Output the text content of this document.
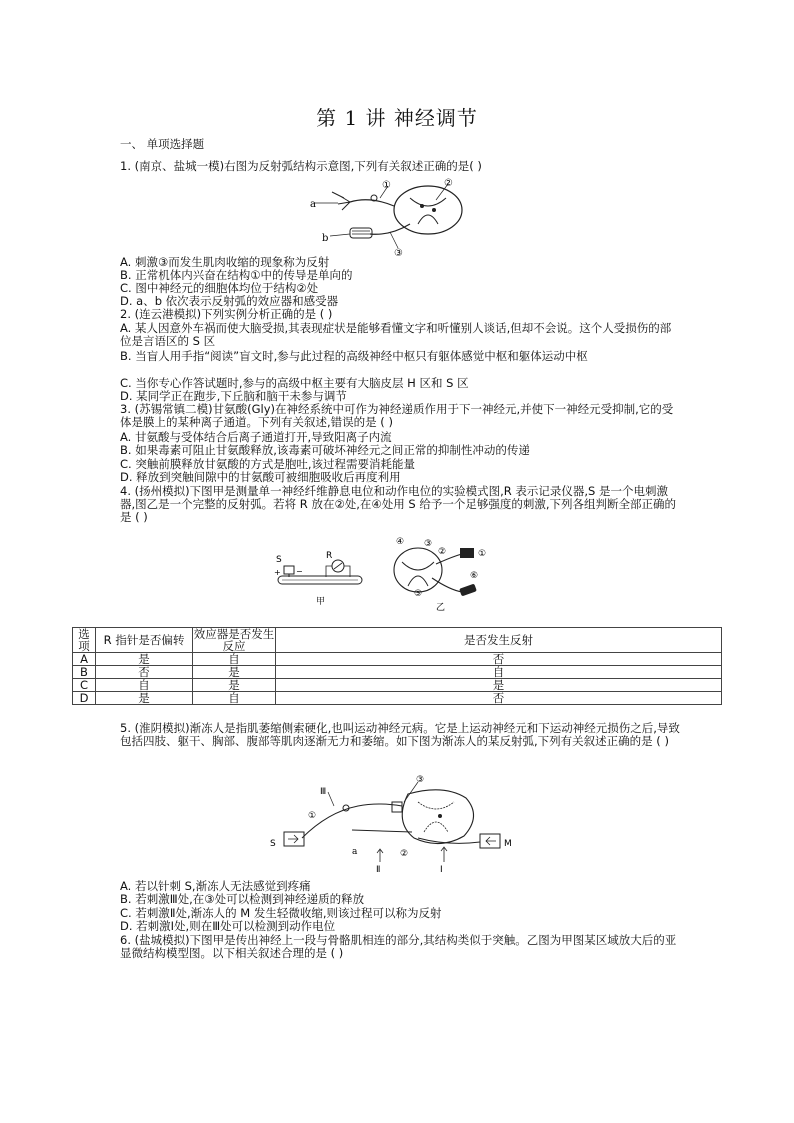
第 1 讲 神经调节
一、 单项选择题
1. (南京、盐城一模)右图为反射弧结构示意图,下列有关叙述正确的是( )
a
b
①	②
③
A. 刺激③而发生肌肉收缩的现象称为反射
B. 正常机体内兴奋在结构①中的传导是单向的
C. 图中神经元的细胞体均位于结构②处
D. a、b 依次表示反射弧的效应器和感受器
2. (连云港模拟)下列实例分析正确的是 ( )
A. 某人因意外车祸而使大脑受损,其表现症状是能够看懂文字和听懂别人谈话,但却不会说。这个人受损伤的部位是言语区的 S 区
B. 当盲人用手指“阅读”盲文时,参与此过程的高级神经中枢只有躯体感觉中枢和躯体运动中枢
C. 当你专心作答试题时,参与的高级中枢主要有大脑皮层 H 区和 S 区
D. 某同学正在跑步,下丘脑和脑干未参与调节
3. (苏锡常镇二模)甘氨酸(Gly)在神经系统中可作为神经递质作用于下一神经元,并使下一神经元受抑制,它的受体是膜上的某种离子通道。下列有关叙述,错误的是 ( )
A. 甘氨酸与受体结合后离子通道打开,导致阳离子内流
B. 如果毒素可阻止甘氨酸释放,该毒素可破坏神经元之间正常的抑制性冲动的传递
C. 突触前膜释放甘氨酸的方式是胞吐,该过程需要消耗能量
D. 释放到突触间隙中的甘氨酸可被细胞吸收后再度利用
4. (扬州模拟)下图甲是测量单一神经纤维静息电位和动作电位的实验模式图,R 表示记录仪器,S 是一个电刺激器,图乙是一个完整的反射弧。若将 R 放在②处,在④处用 S 给予一个足够强度的刺激,下列各组判断全部正确的是 ( )
+ −
S	R
甲
④ ③
②	①
⑥
⑤
乙
选项	R 指针是否偏转	效应器是否发生反应	是否发生反射
A	是	自	否
B	否	是	自
C	自	是	是
D	是	自	否
5. (淮阴模拟)渐冻人是指肌萎缩侧索硬化,也叫运动神经元病。它是上运动神经元和下运动神经元损伤之后,导致包括四肢、躯干、胸部、腹部等肌肉逐渐无力和萎缩。如下图为渐冻人的某反射弧,下列有关叙述正确的是 ( )
S	M
①
②
③
Ⅰ
Ⅱ
Ⅲ
a
A. 若以针刺 S,渐冻人无法感觉到疼痛
B. 若刺激Ⅲ处,在③处可以检测到神经递质的释放
C. 若刺激Ⅱ处,渐冻人的 M 发生轻微收缩,则该过程可以称为反射
D. 若刺激Ⅰ处,则在Ⅲ处可以检测到动作电位
6. (盐城模拟)下图甲是传出神经上一段与骨骼肌相连的部分,其结构类似于突触。乙图为甲图某区域放大后的亚显微结构模型图。以下相关叙述合理的是 ( )
